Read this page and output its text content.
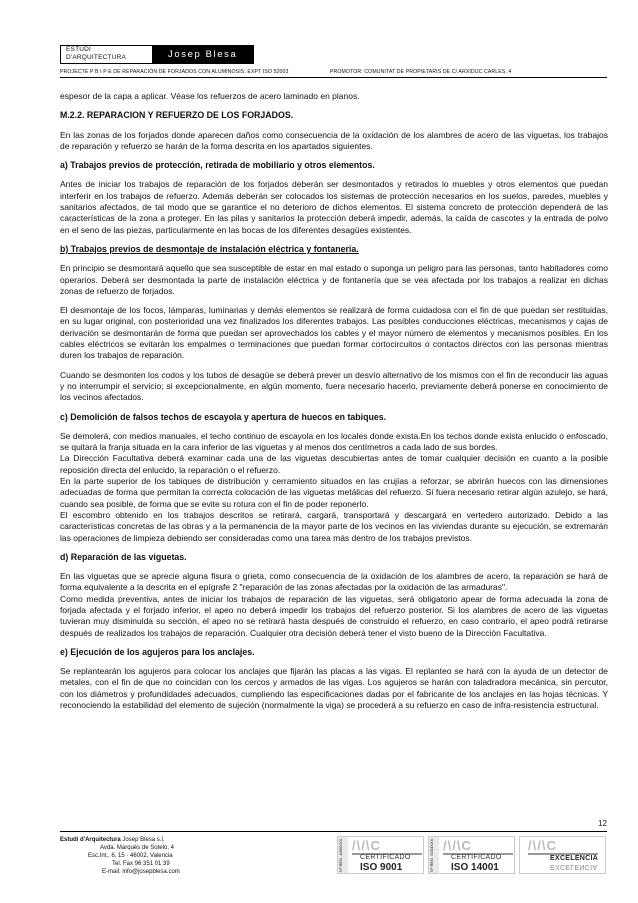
ESTUDI
D'ARQUITECTURA	Josep Blesa
PROJECTE P B I P E DE REPARACIÓN DE FORJADOS CON ALUMINOSIS. EXPT ISO 52003	PROMOTOR: COMUNITAT DE PROPIETARIS DE C/ ARXIDUC CARLES, 4

espesor de la capa a aplicar. Véase los refuerzos de acero laminado en planos.

M.2.2. REPARACION Y REFUERZO DE LOS FORJADOS.

En las zonas de los forjados donde aparecen daños como consecuencia de la oxidación de los alambres de acero de las viguetas, los trabajos de reparación y refuerzo se harán de la forma descrita en los apartados siguientes.

a) Trabajos previos de protección, retirada de mobiliario y otros elementos.

Antes de iniciar los trabajos de reparación de los forjados deberán ser desmontados y retirados lo muebles y otros elementos que puedan interferir en los trabajos de refuerzo. Además deberán ser colocados los sistemas de protección necesarios en los suelos, paredes, muebles y sanitarios afectados, de tal modo que se garantice el no deterioro de dichos elementos. El sistema concreto de protección dependerá de las características de la zona a proteger. En las pilas y sanitarios la protección deberá impedir, además, la caída de cascotes y la entrada de polvo en el seno de las piezas, particularmente en las bocas de los diferentes desagües existentes.

b) Trabajos previos de desmontaje de instalación eléctrica y fontanería.

En principio se desmontará aquello que sea susceptible de estar en mal estado o suponga un peligro para las personas, tanto habitadores como operarios. Deberá ser desmontada la parte de instalación eléctrica y de fontanería que se vea afectada por los trabajos a realizar en dichas zonas de refuerzo de forjados.

El desmontaje de los focos, lámparas, luminarias y demás elementos se realizará de forma cuidadosa con el fin de que puedan ser restituidas, en su lugar original, con posterioridad una vez finalizados los diferentes trabajos. Las posibles conducciones eléctricas, mecanismos y cajas de derivación se desmontarán de forma que puedan ser aprovechados los cables y el mayor número de elementos y mecanismos posibles. En los cables eléctricos se evitarán los empalmes o terminaciones que puedan formar cortocircuitos o contactos directos con las personas mientras duren los trabajos de reparación.

Cuando se desmonten los codos y los tubos de desagüe se deberá prever un desvío alternativo de los mismos con el fin de reconducir las aguas y no interrumpir el servicio; si excepcionalmente, en algún momento, fuera necesario hacerlo, previamente deberá ponerse en conocimiento de los vecinos afectados.

c) Demolición de falsos techos de escayola y apertura de huecos en tabiques.

Se demolerá, con medios manuales, el techo continuo de escayola en los locales donde exista.En los techos donde exista enlucido o enfoscado, se quitará la franja situada en la cara inferior de las viguetas y al menos dos centímetros a cada lado de sus bordes.

La Dirección Facultativa deberá examinar cada una de las viguetas descubiertas antes de tomar cualquier decisión en cuanto a la posible reposición directa del enlucido, la reparación o el refuerzo.

En la parte superior de los tabiques de distribución y cerramiento situados en las crujías a reforzar, se abrirán huecos con las dimensiones adecuadas de forma que permitan la correcta colocación de las viguetas metálicas del refuerzo. Si fuera necesario retirar algún azulejo, se hará, cuando sea posible, de forma que se evite su rotura con el fin de poder reponerlo.

El escombro obtenido en los trabajos descritos se retirará, cargará, transportará y descargará en vertedero autorizado. Debido a las características concretas de las obras y a la permanencia de la mayor parte de los vecinos en las viviendas durante su ejecución, se extremarán las operaciones de limpieza debiendo ser consideradas como una tarea más dentro de los trabajos previstos.

d) Reparación de las viguetas.

En las viguetas que se aprecie alguna fisura o grieta, como consecuencia de la oxidación de los alambres de acero, la reparación se hará de forma equivalente a la descrita en el epígrafe 2 "reparación de las zonas afectadas por la oxidación de las armaduras".

Como medida preventiva, antes de iniciar los trabajos de reparación de las viguetas, será obligatorio apear de forma adecuada la zona de forjada afectada y el forjado inferior, el apeo no deberá impedir los trabajos del refuerzo posterior. Si los alambres de acero de las viguetas tuvieran muy disminuida su sección, el apeo no se retirará hasta después de construido el refuerzo, en caso contrario, el apeo podrá retirarse después de realizados los trabajos de reparación. Cualquier otra decisión deberá tener el visto bueno de la Dirección Facultativa.

e) Ejecución de los agujeros para los anclajes.

Se replantearán los agujeros para colocar los anclajes que fijarán las placas a las vigas. El replanteo se hará con la ayuda de un detector de metales, con el fin de que no coincidan con los cercos y armados de las vigas. Los agujeros se harán con taladradora mecánica, sin percutor, con los diámetros y profundidades adecuados, cumpliendo las especificaciones dadas por el fabricante de los anclajes en las hojas técnicas. Y reconociendo la estabilidad del elemento de sujeción (normalmente la viga) se procederá a su refuerzo en caso de infra-resistencia estructural.

12
Estudi d'Arquitectura Josep Blesa s.l.

Avda. Marqués de Sotelo, 4
Esc.Int., 6, 15 · 46002, Valencia
Tel. Fax 96 351 01 39
E-mail: info@josepblesa.com
Nº REG. 4000XXX /\/\C
CERTIFICADO
ISO 9001	Nº REG. 5204XXX /\/\C
CERTIFICADO
ISO 14001
/\/\C
EXCELENCIA
EXCELENCIA
